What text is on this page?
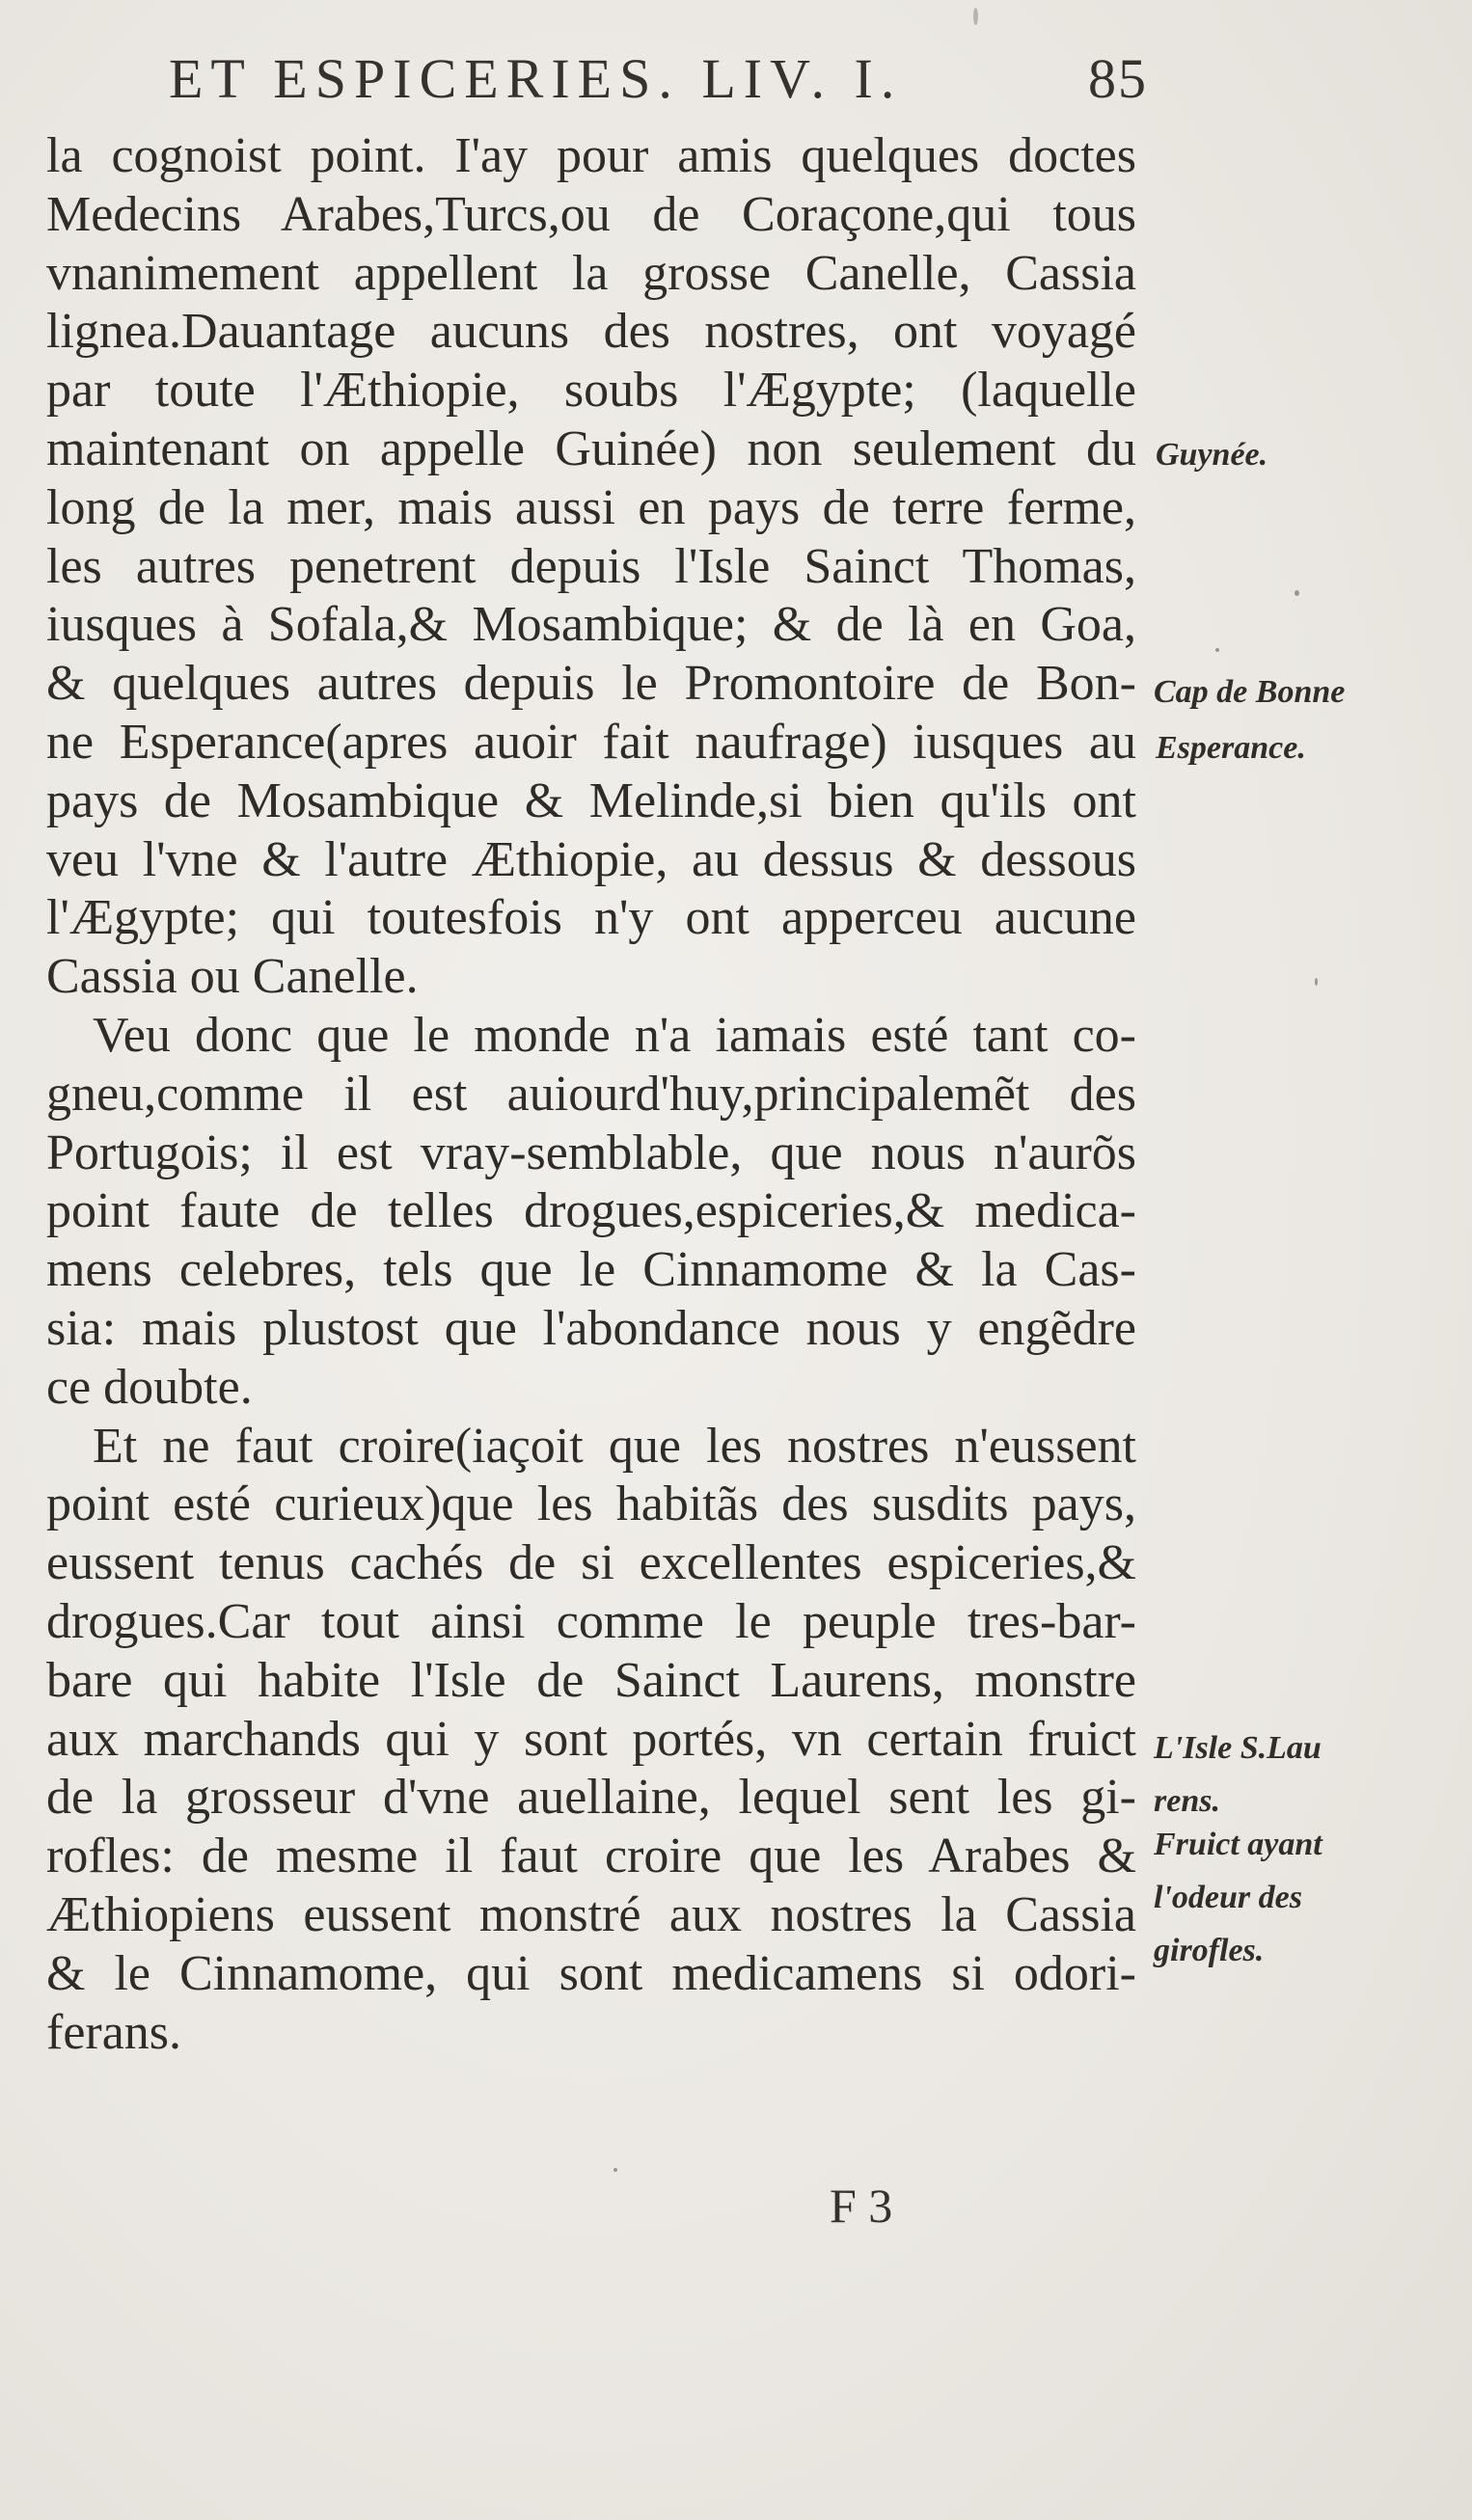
ET ESPICERIES. LIV. I.	85
la cognoist point. I'ay pour amis quelques doctes
Medecins Arabes,Turcs,ou de Coraçone,qui tous
vnanimement appellent la grosse Canelle, Cassia
lignea.Dauantage aucuns des nostres, ont voyagé
par toute l'Æthiopie, soubs l'Ægypte; (laquelle
maintenant on appelle Guinée) non seulement du
long de la mer, mais aussi en pays de terre ferme,
les autres penetrent depuis l'Isle Sainct Thomas,
iusques à Sofala,& Mosambique; & de là en Goa,
& quelques autres depuis le Promontoire de Bon-
ne Esperance(apres auoir fait naufrage) iusques au
pays de Mosambique & Melinde,si bien qu'ils ont
veu l'vne & l'autre Æthiopie, au dessus & dessous
l'Ægypte; qui toutesfois n'y ont apperceu aucune
Cassia ou Canelle.
Veu donc que le monde n'a iamais esté tant co-
gneu,comme il est auiourd'huy,principalemẽt des
Portugois; il est vray-semblable, que nous n'aurõs
point faute de telles drogues,espiceries,& medica-
mens celebres, tels que le Cinnamome & la Cas-
sia: mais plustost que l'abondance nous y engẽdre
ce doubte.
Et ne faut croire(iaçoit que les nostres n'eussent
point esté curieux)que les habitãs des susdits pays,
eussent tenus cachés de si excellentes espiceries,&
drogues.Car tout ainsi comme le peuple tres-bar-
bare qui habite l'Isle de Sainct Laurens, monstre
aux marchands qui y sont portés, vn certain fruict
de la grosseur d'vne auellaine, lequel sent les gi-
rofles: de mesme il faut croire que les Arabes &
Æthiopiens eussent monstré aux nostres la Cassia
& le Cinnamome, qui sont medicamens si odori-
ferans.
Guynée.
Cap de Bonne
Esperance.
L'Isle S.Lau
rens.
Fruict ayant
l'odeur des
girofles.
F 3
